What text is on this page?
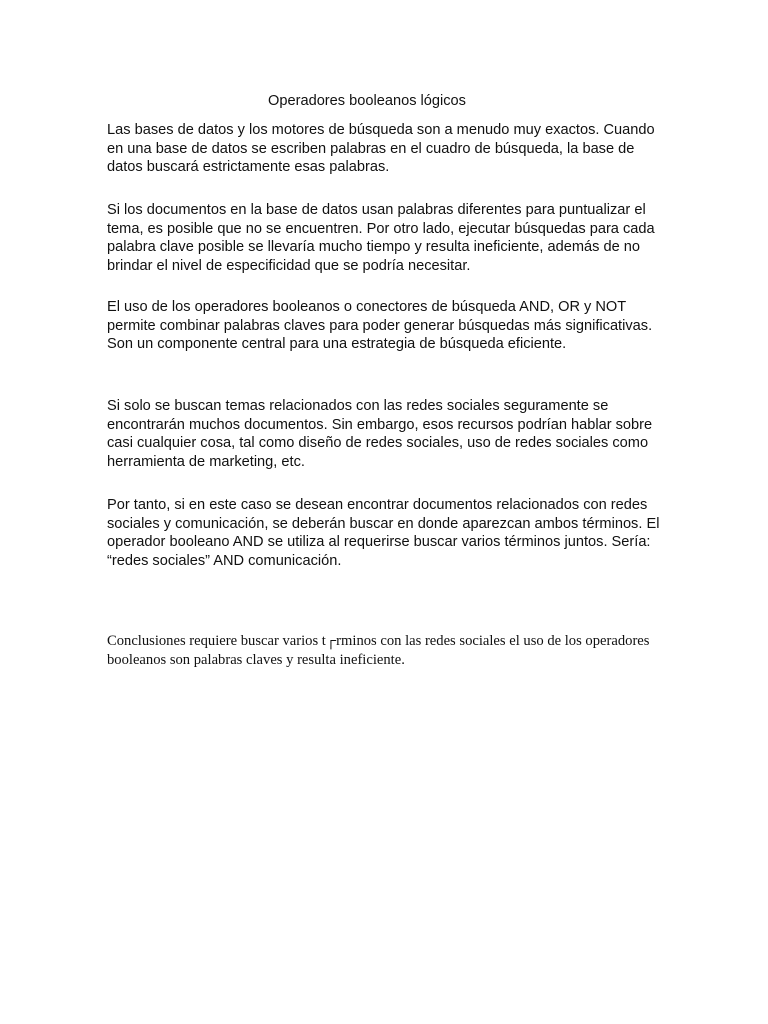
Operadores booleanos lógicos

Las bases de datos y los motores de búsqueda son a menudo muy exactos. Cuando en una base de datos se escriben palabras en el cuadro de búsqueda, la base de datos buscará estrictamente esas palabras.

Si los documentos en la base de datos usan palabras diferentes para puntualizar el tema, es posible que no se encuentren. Por otro lado, ejecutar búsquedas para cada palabra clave posible se llevaría mucho tiempo y resulta ineficiente, además de no brindar el nivel de especificidad que se podría necesitar.

El uso de los operadores booleanos o conectores de búsqueda AND, OR y NOT permite combinar palabras claves para poder generar búsquedas más significativas. Son un componente central para una estrategia de búsqueda eficiente.

Si solo se buscan temas relacionados con las redes sociales seguramente se encontrarán muchos documentos. Sin embargo, esos recursos podrían hablar sobre casi cualquier cosa, tal como diseño de redes sociales, uso de redes sociales como herramienta de marketing, etc.

Por tanto, si en este caso se desean encontrar documentos relacionados con redes sociales y comunicación, se deberán buscar en donde aparezcan ambos términos. El operador booleano AND se utiliza al requerirse buscar varios términos juntos. Sería: “redes sociales” AND comunicación.

Conclusiones requiere buscar varios t┌rminos con las redes sociales el uso de los operadores booleanos son palabras claves y resulta ineficiente.
